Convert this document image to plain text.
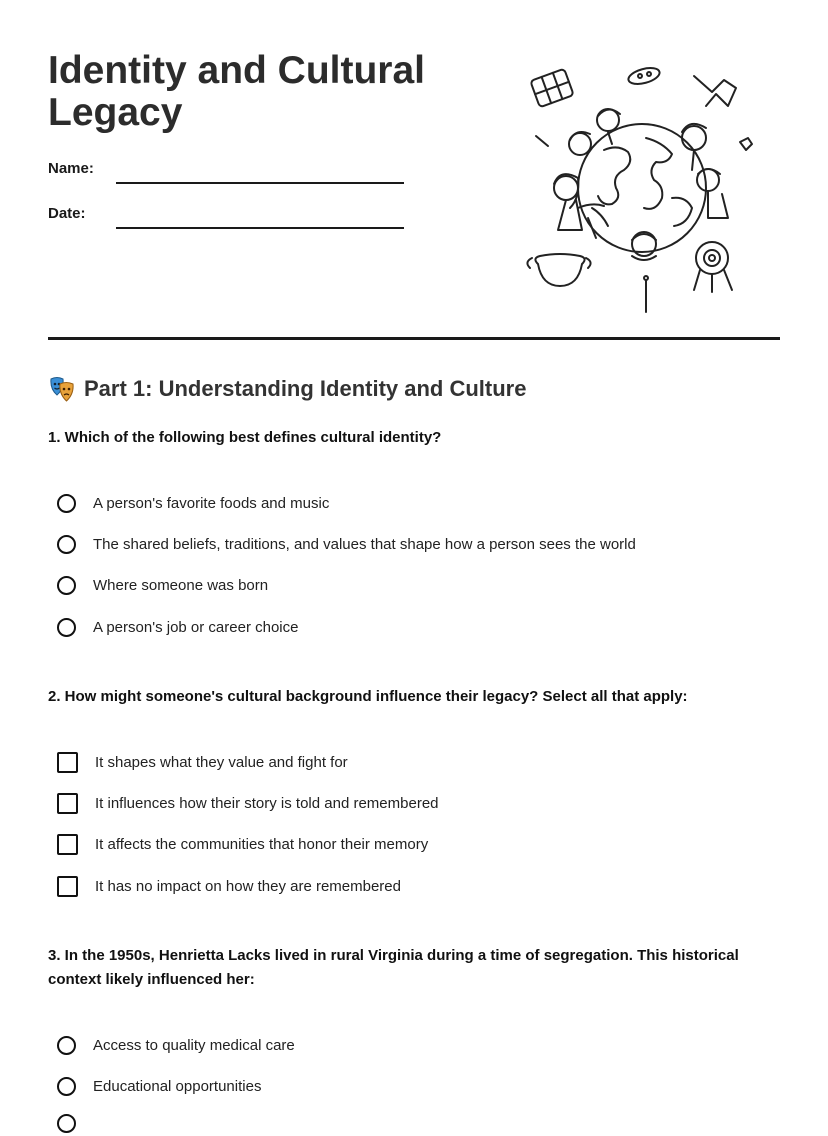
Identity and Cultural Legacy
Name:
Date:
Part 1: Understanding Identity and Culture
1. Which of the following best defines cultural identity?
A person's favorite foods and music
The shared beliefs, traditions, and values that shape how a person sees the world
Where someone was born
A person's job or career choice
2. How might someone's cultural background influence their legacy? Select all that apply:
It shapes what they value and fight for
It influences how their story is told and remembered
It affects the communities that honor their memory
It has no impact on how they are remembered
3. In the 1950s, Henrietta Lacks lived in rural Virginia during a time of segregation. This historical context likely influenced her:
Access to quality medical care
Educational opportunities
